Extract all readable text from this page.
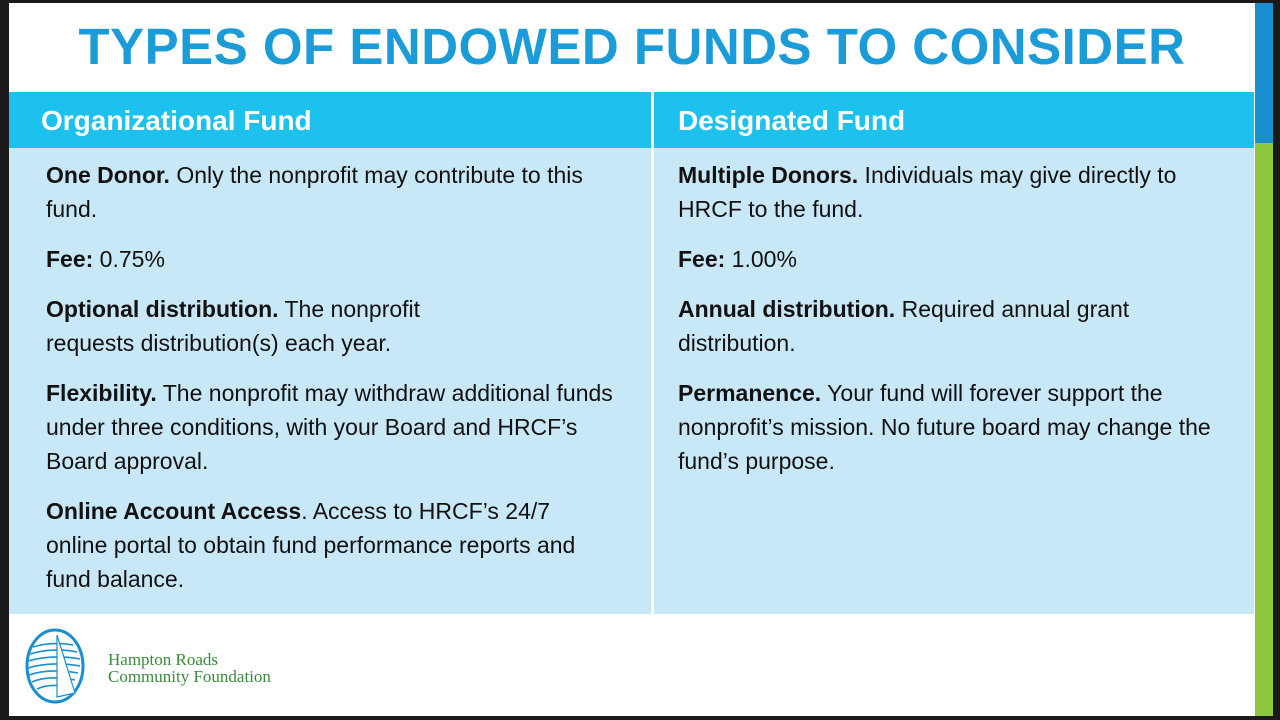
TYPES OF ENDOWED FUNDS TO CONSIDER
Organizational Fund	Designated Fund
One Donor. Only the nonprofit may contribute to this fund.
Fee: 0.75%
Optional distribution. The nonprofit requests distribution(s) each year.
Flexibility. The nonprofit may withdraw additional funds under three conditions, with your Board and HRCF’s Board approval.
Online Account Access. Access to HRCF’s 24/7 online portal to obtain fund performance reports and fund balance.
Multiple Donors. Individuals may give directly to HRCF to the fund.
Fee: 1.00%
Annual distribution. Required annual grant distribution.
Permanence. Your fund will forever support the nonprofit’s mission. No future board may change the fund’s purpose.
Hampton Roads
Community Foundation
